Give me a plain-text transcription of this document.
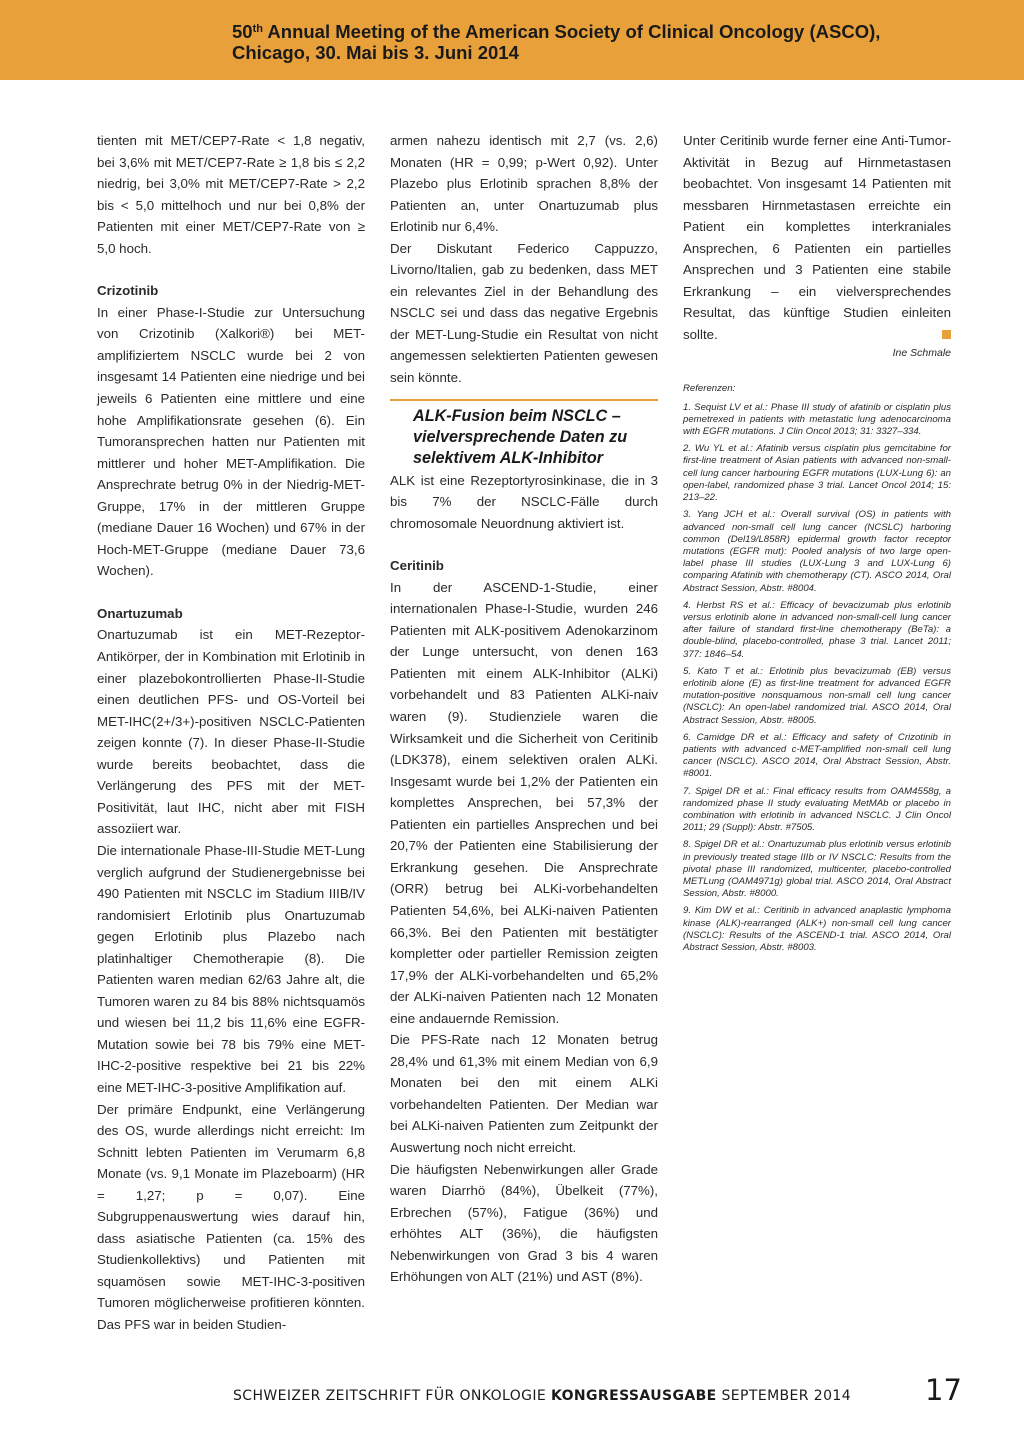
50th Annual Meeting of the American Society of Clinical Oncology (ASCO),
Chicago, 30. Mai bis 3. Juni 2014

tienten mit MET/CEP7-Rate < 1,8 negativ, bei 3,6% mit MET/CEP7-Rate ≥ 1,8 bis ≤ 2,2 niedrig, bei 3,0% mit MET/CEP7-Rate > 2,2 bis < 5,0 mittelhoch und nur bei 0,8% der Patienten mit einer MET/CEP7-Rate von ≥ 5,0 hoch.

Crizotinib

In einer Phase-I-Studie zur Untersuchung von Crizotinib (Xalkori®) bei MET-amplifiziertem NSCLC wurde bei 2 von insgesamt 14 Patienten eine niedrige und bei jeweils 6 Patienten eine mittlere und eine hohe Amplifikationsrate gesehen (6). Ein Tumoransprechen hatten nur Patienten mit mittlerer und hoher MET-Amplifikation. Die Ansprechrate betrug 0% in der Niedrig-MET-Gruppe, 17% in der mittleren Gruppe (mediane Dauer 16 Wochen) und 67% in der Hoch-MET-Gruppe (mediane Dauer 73,6 Wochen).

Onartuzumab

Onartuzumab ist ein MET-Rezeptor-Antikörper, der in Kombination mit Erlotinib in einer plazebokontrollierten Phase-II-Studie einen deutlichen PFS- und OS-Vorteil bei MET-IHC(2+/3+)-positiven NSCLC-Patienten zeigen konnte (7). In dieser Phase-II-Studie wurde bereits beobachtet, dass die Verlängerung des PFS mit der MET-Positivität, laut IHC, nicht aber mit FISH assoziiert war.

Die internationale Phase-III-Studie MET-Lung verglich aufgrund der Studienergebnisse bei 490 Patienten mit NSCLC im Stadium IIIB/IV randomisiert Erlotinib plus Onartuzumab gegen Erlotinib plus Plazebo nach platinhaltiger Chemotherapie (8). Die Patienten waren median 62/63 Jahre alt, die Tumoren waren zu 84 bis 88% nichtsquamös und wiesen bei 11,2 bis 11,6% eine EGFR-Mutation sowie bei 78 bis 79% eine MET-IHC-2-positive respektive bei 21 bis 22% eine MET-IHC-3-positive Amplifikation auf.

Der primäre Endpunkt, eine Verlängerung des OS, wurde allerdings nicht erreicht: Im Schnitt lebten Patienten im Verumarm 6,8 Monate (vs. 9,1 Monate im Plazeboarm) (HR = 1,27; p = 0,07). Eine Subgruppenauswertung wies darauf hin, dass asiatische Patienten (ca. 15% des Studienkollektivs) und Patienten mit squamösen sowie MET-IHC-3-positiven Tumoren möglicherweise profitieren könnten. Das PFS war in beiden Studien-

armen nahezu identisch mit 2,7 (vs. 2,6) Monaten (HR = 0,99; p-Wert 0,92). Unter Plazebo plus Erlotinib sprachen 8,8% der Patienten an, unter Onartuzumab plus Erlotinib nur 6,4%.

Der Diskutant Federico Cappuzzo, Livorno/Italien, gab zu bedenken, dass MET ein relevantes Ziel in der Behandlung des NSCLC sei und dass das negative Ergebnis der MET-Lung-Studie ein Resultat von nicht angemessen selektierten Patienten gewesen sein könnte.

ALK-Fusion beim NSCLC – vielversprechende Daten zu selektivem ALK-Inhibitor

ALK ist eine Rezeptortyrosinkinase, die in 3 bis 7% der NSCLC-Fälle durch chromosomale Neuordnung aktiviert ist.

Ceritinib

In der ASCEND-1-Studie, einer internationalen Phase-I-Studie, wurden 246 Patienten mit ALK-positivem Adenokarzinom der Lunge untersucht, von denen 163 Patienten mit einem ALK-Inhibitor (ALKi) vorbehandelt und 83 Patienten ALKi-naiv waren (9). Studienziele waren die Wirksamkeit und die Sicherheit von Ceritinib (LDK378), einem selektiven oralen ALKi. Insgesamt wurde bei 1,2% der Patienten ein komplettes Ansprechen, bei 57,3% der Patienten ein partielles Ansprechen und bei 20,7% der Patienten eine Stabilisierung der Erkrankung gesehen. Die Ansprechrate (ORR) betrug bei ALKi-vorbehandelten Patienten 54,6%, bei ALKi-naiven Patienten 66,3%. Bei den Patienten mit bestätigter kompletter oder partieller Remission zeigten 17,9% der ALKi-vorbehandelten und 65,2% der ALKi-naiven Patienten nach 12 Monaten eine andauernde Remission.

Die PFS-Rate nach 12 Monaten betrug 28,4% und 61,3% mit einem Median von 6,9 Monaten bei den mit einem ALKi vorbehandelten Patienten. Der Median war bei ALKi-naiven Patienten zum Zeitpunkt der Auswertung noch nicht erreicht.

Die häufigsten Nebenwirkungen aller Grade waren Diarrhö (84%), Übelkeit (77%), Erbrechen (57%), Fatigue (36%) und erhöhtes ALT (36%), die häufigsten Nebenwirkungen von Grad 3 bis 4 waren Erhöhungen von ALT (21%) und AST (8%).

Unter Ceritinib wurde ferner eine Anti-Tumor-Aktivität in Bezug auf Hirnmetastasen beobachtet. Von insgesamt 14 Patienten mit messbaren Hirnmetastasen erreichte ein Patient ein komplettes interkraniales Ansprechen, 6 Patienten ein partielles Ansprechen und 3 Patienten eine stabile Erkrankung – ein vielversprechendes Resultat, das künftige Studien einleiten sollte.

Ine Schmale

Referenzen:

1. Sequist LV et al.: Phase III study of afatinib or cisplatin plus pemetrexed in patients with metastatic lung adenocarcinoma with EGFR mutations. J Clin Oncol 2013; 31: 3327–334.

2. Wu YL et al.: Afatinib versus cisplatin plus gemcitabine for first-line treatment of Asian patients with advanced non-small-cell lung cancer harbouring EGFR mutations (LUX-Lung 6): an open-label, randomized phase 3 trial. Lancet Oncol 2014; 15: 213–22.

3. Yang JCH et al.: Overall survival (OS) in patients with advanced non-small cell lung cancer (NCSLC) harboring common (Del19/L858R) epidermal growth factor receptor mutations (EGFR mut): Pooled analysis of two large open-label phase III studies (LUX-Lung 3 and LUX-Lung 6) comparing Afatinib with chemotherapy (CT). ASCO 2014, Oral Abstract Session, Abstr. #8004.

4. Herbst RS et al.: Efficacy of bevacizumab plus erlotinib versus erlotinib alone in advanced non-small-cell lung cancer after failure of standard first-line chemotherapy (BeTa): a double-blind, placebo-controlled, phase 3 trial. Lancet 2011; 377: 1846–54.

5. Kato T et al.: Erlotinib plus bevacizumab (EB) versus erlotinib alone (E) as first-line treatment for advanced EGFR mutation-positive nonsquamous non-small cell lung cancer (NSCLC): An open-label randomized trial. ASCO 2014, Oral Abstract Session, Abstr. #8005.

6. Camidge DR et al.: Efficacy and safety of Crizotinib in patients with advanced c-MET-amplified non-small cell lung cancer (NSCLC). ASCO 2014, Oral Abstract Session, Abstr. #8001.

7. Spigel DR et al.: Final efficacy results from OAM4558g, a randomized phase II study evaluating MetMAb or placebo in combination with erlotinib in advanced NSCLC. J Clin Oncol 2011; 29 (Suppl): Abstr. #7505.

8. Spigel DR et al.: Onartuzumab plus erlotinib versus erlotinib in previously treated stage IIIb or IV NSCLC: Results from the pivotal phase III randomized, multicenter, placebo-controlled METLung (OAM4971g) global trial. ASCO 2014, Oral Abstract Session, Abstr. #8000.

9. Kim DW et al.: Ceritinib in advanced anaplastic lymphoma kinase (ALK)-rearranged (ALK+) non-small cell lung cancer (NSCLC): Results of the ASCEND-1 trial. ASCO 2014, Oral Abstract Session, Abstr. #8003.

SCHWEIZER ZEITSCHRIFT FÜR ONKOLOGIE KONGRESSAUSGABE SEPTEMBER 2014	17
